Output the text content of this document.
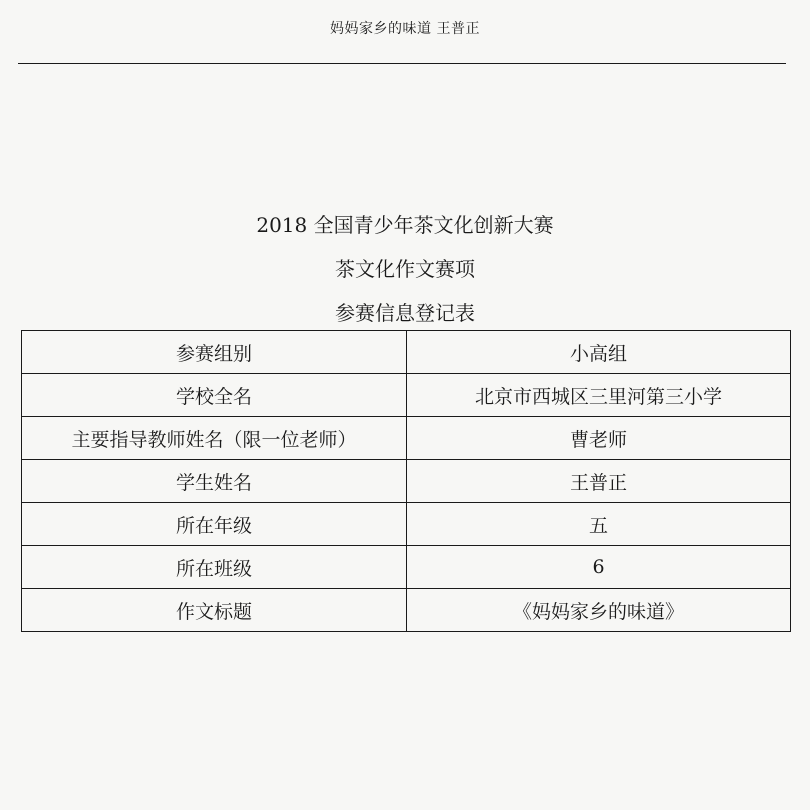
妈妈家乡的味道 王普正
2018 全国青少年茶文化创新大赛
茶文化作文赛项
参赛信息登记表
参赛组别	小高组
学校全名	北京市西城区三里河第三小学
主要指导教师姓名（限一位老师）	曹老师
学生姓名	王普正
所在年级	五
所在班级	6
作文标题	《妈妈家乡的味道》
